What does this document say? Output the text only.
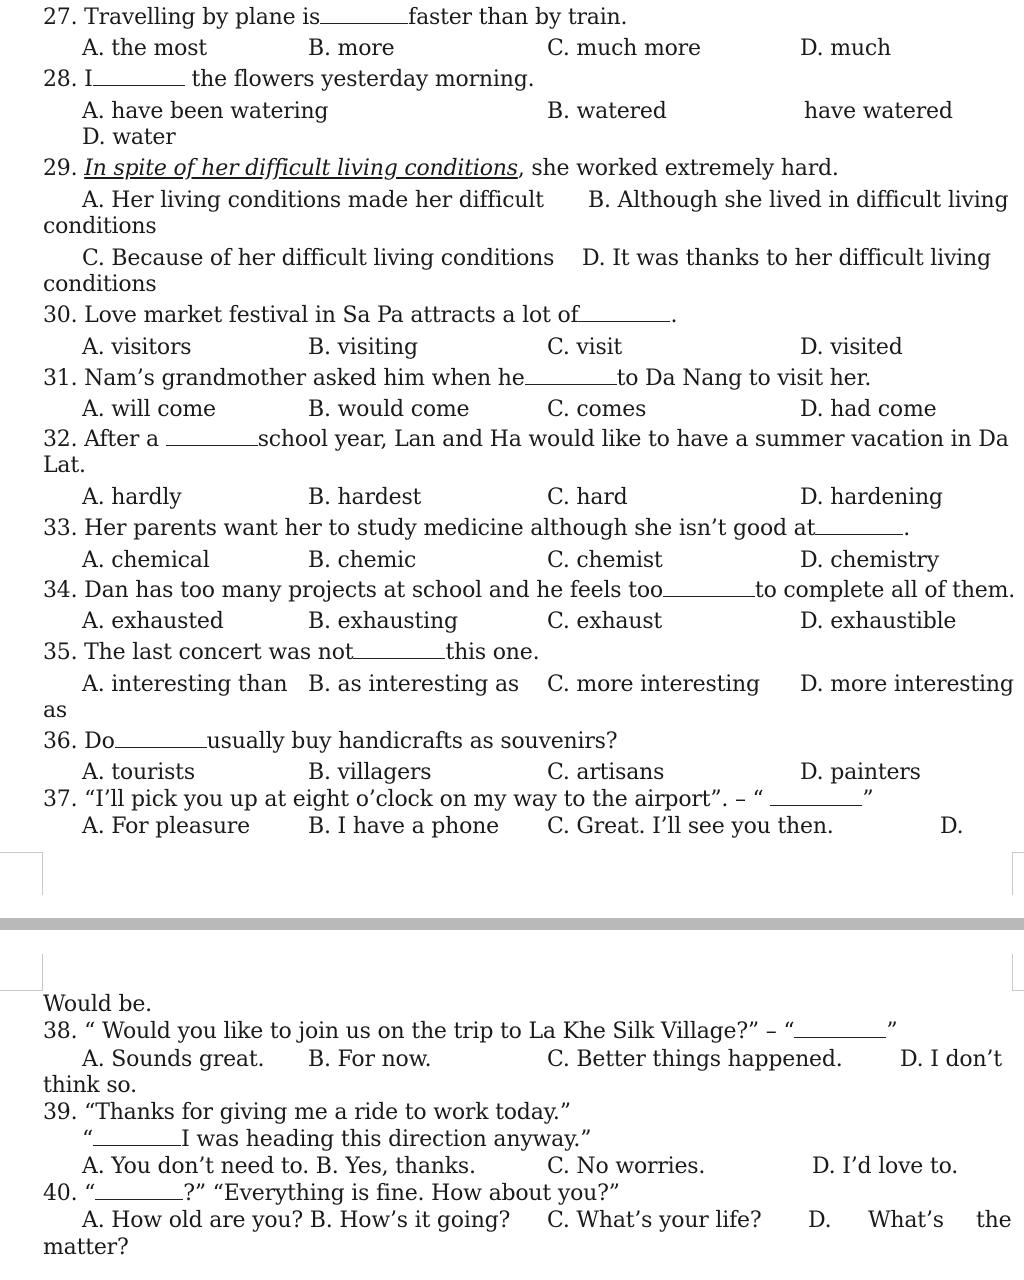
27. Travelling by plane is	faster than by train.
A. the most	B. more	C. much more	D. much
28. I	the flowers yesterday morning.
A. have been watering	B. watered	have watered
D. water
29. In spite of her difficult living conditions, she worked extremely hard.
A. Her living conditions made her difficult B. Although she lived in difficult living
conditions
C. Because of her difficult living conditions D. It was thanks to her difficult living
conditions
30. Love market festival in Sa Pa attracts a lot of	.
A. visitors	B. visiting	C. visit	D. visited
31. Nam’s grandmother asked him when he	to Da Nang to visit her.
A. will come	B. would come	C. comes	D. had come
32. After a	school year, Lan and Ha would like to have a summer vacation in Da
Lat.
A. hardly	B. hardest	C. hard	D. hardening
33. Her parents want her to study medicine although she isn’t good at	.
A. chemical	B. chemic	C. chemist	D. chemistry
34. Dan has too many projects at school and he feels too	to complete all of them.
A. exhausted	B. exhausting	C. exhaust	D. exhaustible
35. The last concert was not	this one.
A. interesting than B. as interesting as C. more interesting D. more interesting
as
36. Do	usually buy handicrafts as souvenirs?
A. tourists	B. villagers	C. artisans	D. painters
37. “I’ll pick you up at eight o’clock on my way to the airport”. – “	”
A. For pleasure	B. I have a phone C. Great. I’ll see you then.	D.
Would be.
38. “ Would you like to join us on the trip to La Khe Silk Village?” – “	”
A. Sounds great. B. For now.	C. Better things happened.	D. I don’t
think so.
39. “Thanks for giving me a ride to work today.”
“	I was heading this direction anyway.”
A. You don’t need to. B. Yes, thanks.	C. No worries.	D. I’d love to.
40. “	?” “Everything is fine. How about you?”
A. How old are you? B. How’s it going? C. What’s your life? D. What’s the
matter?
